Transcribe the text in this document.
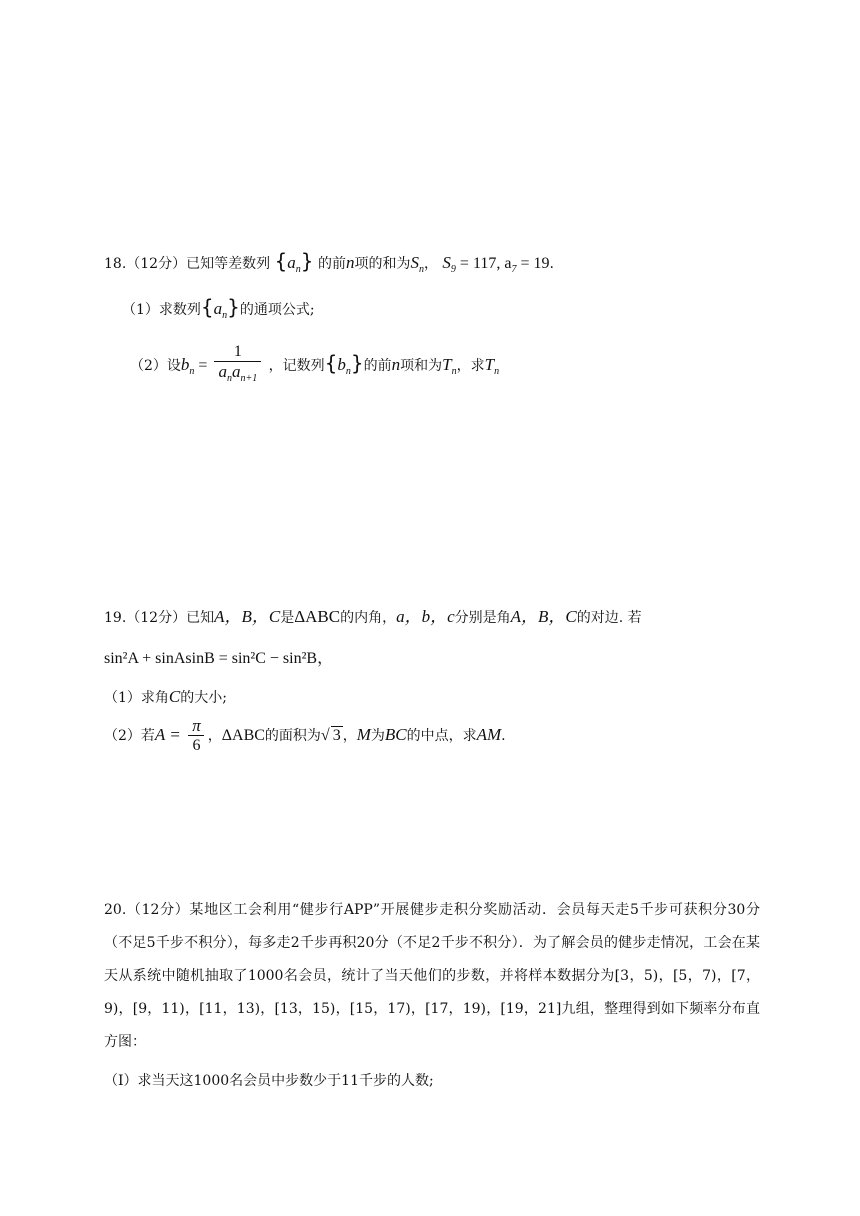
18.（12分）已知等差数列 $\{a_n\}$ 的前n项的和为$S_n$， $S_9 = 117$, $a_7 = 19$.
（1）求数列$\{a_n\}$的通项公式;
（2）设$b_n = \frac{1}{a_na_{n+1}}$ ，记数列$\{b_n\}$的前n项和为$T_n$，求$T_n$
19.（12分）已知A，B，C是ΔABC的内角，a，b，c分别是角A，B，C的对边. 若
sin²A + sinAsinB = sin²C − sin²B，
（1）求角C的大小;
（2）若$A = \frac{\pi}{6}$ ，ΔABC的面积为√ 3 ，M为BC的中点，求AM.
20.（12分）某地区工会利用“健步行APP”开展健步走积分奖励活动．会员每天走5千步可获积分30分（不足5千步不积分），每多走2千步再积20分（不足2千步不积分）．为了解会员的健步走情况，工会在某天从系统中随机抽取了1000名会员，统计了当天他们的步数，并将样本数据分为[3，5)，[5，7)，[7，9)，[9，11)，[11，13)，[13，15)，[15，17)，[17，19)，[19，21]九组，整理得到如下频率分布直方图：
（Ⅰ）求当天这1000名会员中步数少于11千步的人数;
